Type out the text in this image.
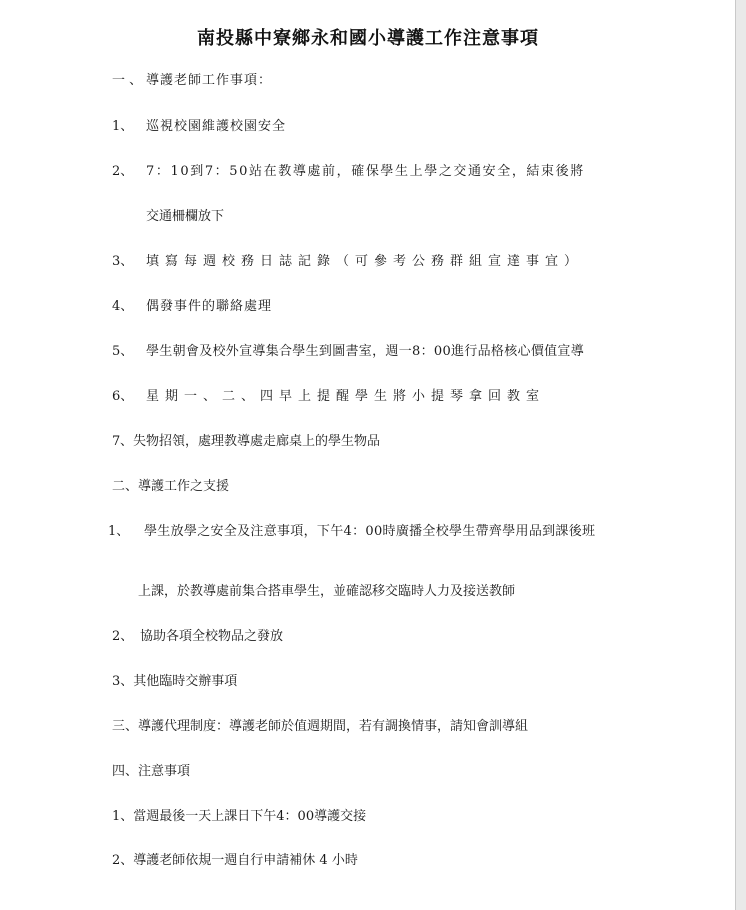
南投縣中寮鄉永和國小導護工作注意事項
一 、 導護老師工作事項：
1、 巡視校園維護校園安全
2、 7：10到7：50站在教導處前，確保學生上學之交通安全，結束後將
交通柵欄放下
3、 填寫每週校務日誌記錄（可參考公務群組宣達事宜）
4、 偶發事件的聯絡處理
5、 學生朝會及校外宣導集合學生到圖書室，週一8：00進行品格核心價值宣導
6、 星期一、二、四早上提醒學生將小提琴拿回教室
7、失物招領，處理教導處走廊桌上的學生物品
二、導護工作之支援
1、 學生放學之安全及注意事項，下午4：00時廣播全校學生帶齊學用品到課後班
上課，於教導處前集合搭車學生，並確認移交臨時人力及接送教師
2、 協助各項全校物品之發放
3、其他臨時交辦事項
三、導護代理制度：導護老師於值週期間，若有調換情事，請知會訓導組
四、注意事項
1、當週最後一天上課日下午4：00導護交接
2、導護老師依規一週自行申請補休 4 小時
